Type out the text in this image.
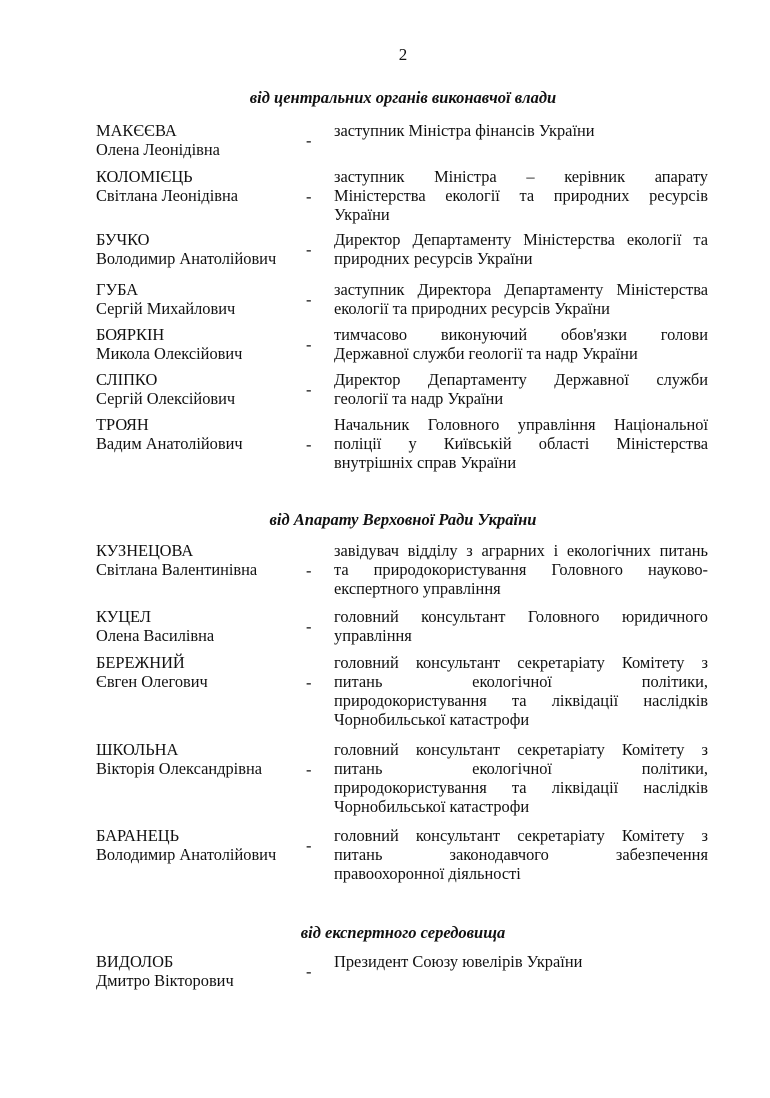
2
від центральних органів виконавчої влади
МАКЄЄВА
Олена Леонідівна	-
заступник Міністра фінансів України
КОЛОМІЄЦЬ
Світлана Леонідівна	-
заступник Міністра – керівник апарату
Міністерства екології та природних ресурсів
України
БУЧКО
Володимир Анатолійович	-
Директор Департаменту Міністерства екології та
природних ресурсів України
ГУБА
Сергій Михайлович	-
заступник Директора Департаменту Міністерства
екології та природних ресурсів України
БОЯРКІН
Микола Олексійович	-
тимчасово виконуючий обов'язки голови
Державної служби геології та надр України
СЛІПКО
Сергій Олексійович	-
Директор Департаменту Державної служби
геології та надр України
ТРОЯН
Вадим Анатолійович	-
Начальник Головного управління Національної
поліції у Київській області Міністерства
внутрішніх справ України
від Апарату Верховної Ради України
КУЗНЕЦОВА
Світлана Валентинівна	-
завідувач відділу з аграрних і екологічних питань
та природокористування Головного науково-
експертного управління
КУЦЕЛ
Олена Василівна	-
головний консультант Головного юридичного
управління
БЕРЕЖНИЙ
Євген Олегович	-
головний консультант секретаріату Комітету з
питань екологічної політики,
природокористування та ліквідації наслідків
Чорнобильської катастрофи
ШКОЛЬНА
Вікторія Олександрівна	-
головний консультант секретаріату Комітету з
питань екологічної політики,
природокористування та ліквідації наслідків
Чорнобильської катастрофи
БАРАНЕЦЬ
Володимир Анатолійович	-
головний консультант секретаріату Комітету з
питань законодавчого забезпечення
правоохоронної діяльності
від експертного середовища
ВИДОЛОБ
Дмитро Вікторович	-
Президент Союзу ювелірів України
